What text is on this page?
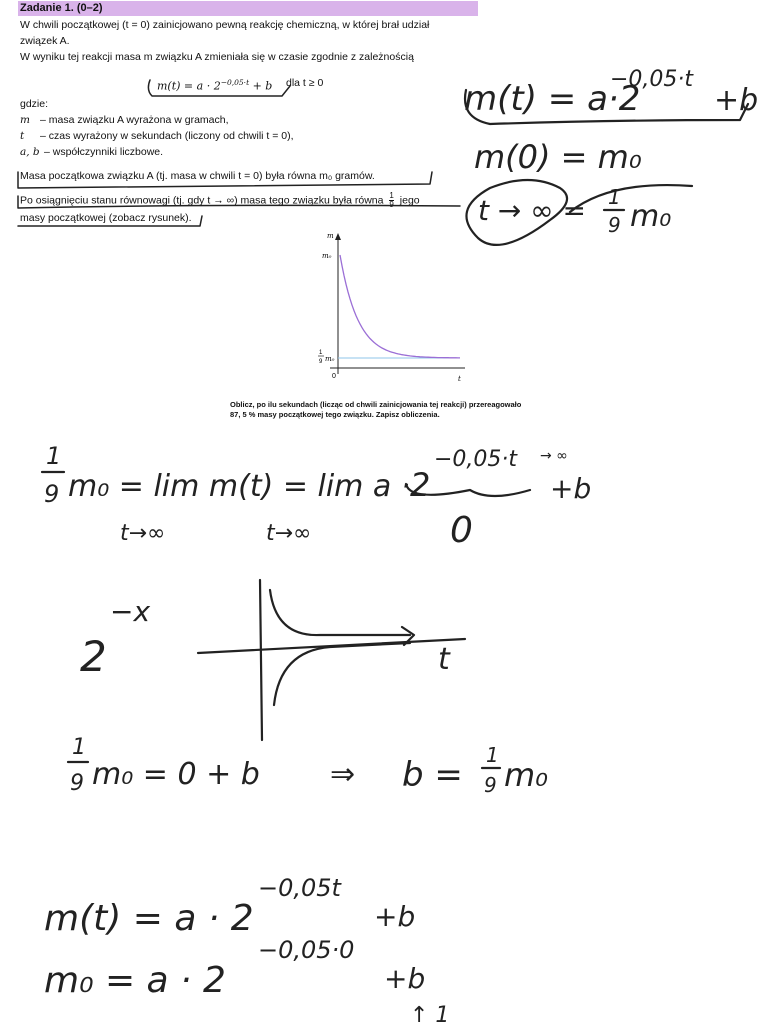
Zadanie 1. (0–2)
W chwili początkowej (t = 0) zainicjowano pewną reakcję chemiczną, w której brał udział
związek A.
W wyniku tej reakcji masa m związku A zmieniała się w czasie zgodnie z zależnością
$m(t) = a \cdot 2^{-0,05\cdot t} + b$ dla t ≥ 0
gdzie:
m – masa związku A wyrażona w gramach,
t – czas wyrażony w sekundach (liczony od chwili t = 0),
a, b – współczynniki liczbowe.
Masa początkowa związku A (tj. masa w chwili t = 0) była równa m₀ gramów.
Po osiągnięciu stanu równowagi (tj. gdy t → ∞) masa tego związku była równa $\frac{1}{9}$ jego
masy początkowej (zobacz rysunek).
m
m₀
1
9 m₀
0	t
Oblicz, po ilu sekundach (licząc od chwili zainicjowania tej reakcji) przereagowało
87, 5 % masy początkowej tego związku. Zapisz obliczenia.
m(t) = a·2
−0,05·t
+b
m(0) = m₀
t → ∞ = 1
9 m₀
1
9 m₀ = lim m(t) = lim a · 2
−0,05·t → ∞
+b
t→∞	t→∞	0
2
−x
t
1
9 m₀ = 0 + b ⇒ b = 1
9 m₀
m(t) = a · 2
−0,05t
+b
m₀ = a · 2
−0,05·0
+b
↑ 1
